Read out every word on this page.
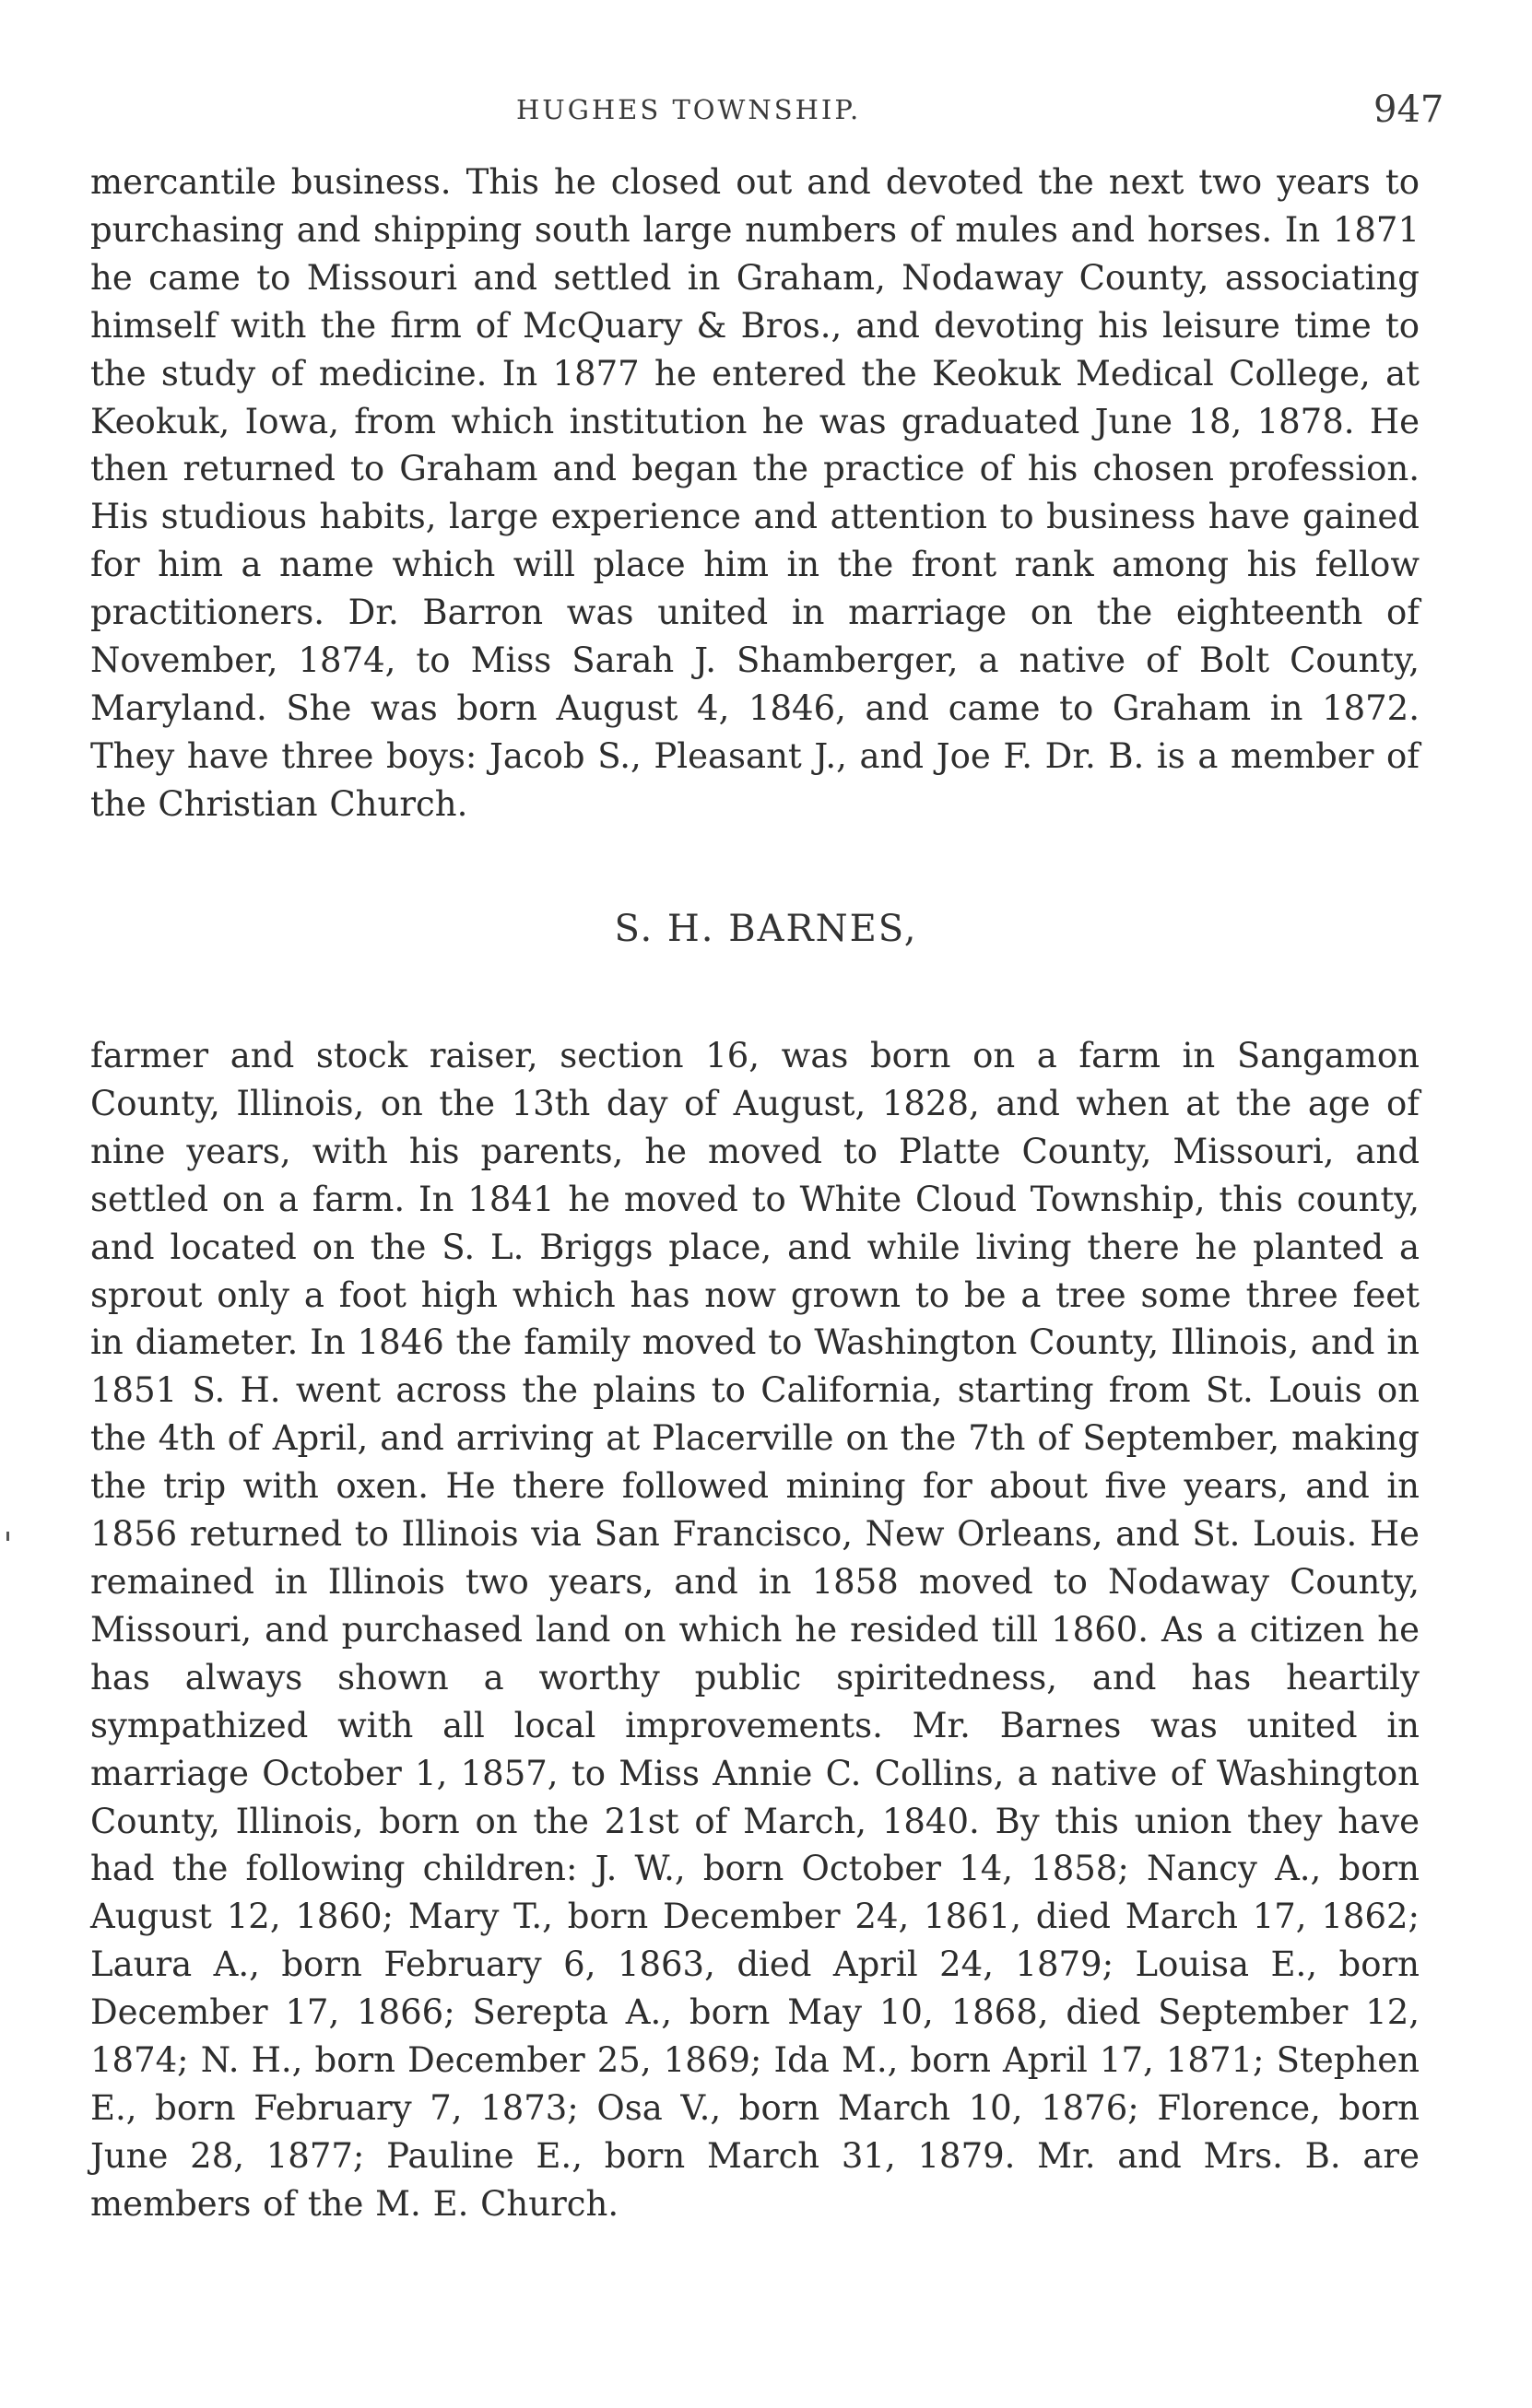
HUGHES TOWNSHIP.	947

mercantile business. This he closed out and devoted the next two years to purchasing and shipping south large numbers of mules and horses. In 1871 he came to Missouri and settled in Graham, Nodaway County, associating himself with the firm of McQuary & Bros., and devoting his leisure time to the study of medicine. In 1877 he entered the Keokuk Medical College, at Keokuk, Iowa, from which institution he was graduated June 18, 1878. He then returned to Graham and began the practice of his chosen profession. His studious habits, large experience and attention to business have gained for him a name which will place him in the front rank among his fellow practitioners. Dr. Barron was united in marriage on the eighteenth of November, 1874, to Miss Sarah J. Shamberger, a native of Bolt County, Maryland. She was born August 4, 1846, and came to Graham in 1872. They have three boys: Jacob S., Pleasant J., and Joe F. Dr. B. is a member of the Christian Church.

S. H. BARNES,

farmer and stock raiser, section 16, was born on a farm in Sangamon County, Illinois, on the 13th day of August, 1828, and when at the age of nine years, with his parents, he moved to Platte County, Missouri, and settled on a farm. In 1841 he moved to White Cloud Township, this county, and located on the S. L. Briggs place, and while living there he planted a sprout only a foot high which has now grown to be a tree some three feet in diameter. In 1846 the family moved to Washington County, Illinois, and in 1851 S. H. went across the plains to California, starting from St. Louis on the 4th of April, and arriving at Placerville on the 7th of September, making the trip with oxen. He there followed mining for about five years, and in 1856 returned to Illinois via San Francisco, New Orleans, and St. Louis. He remained in Illinois two years, and in 1858 moved to Nodaway County, Missouri, and purchased land on which he resided till 1860. As a citizen he has always shown a worthy public spiritedness, and has heartily sympathized with all local improvements. Mr. Barnes was united in marriage October 1, 1857, to Miss Annie C. Collins, a native of Washington County, Illinois, born on the 21st of March, 1840. By this union they have had the following children: J. W., born October 14, 1858; Nancy A., born August 12, 1860; Mary T., born December 24, 1861, died March 17, 1862; Laura A., born February 6, 1863, died April 24, 1879; Louisa E., born December 17, 1866; Serepta A., born May 10, 1868, died September 12, 1874; N. H., born December 25, 1869; Ida M., born April 17, 1871; Stephen E., born February 7, 1873; Osa V., born March 10, 1876; Florence, born June 28, 1877; Pauline E., born March 31, 1879. Mr. and Mrs. B. are members of the M. E. Church.
